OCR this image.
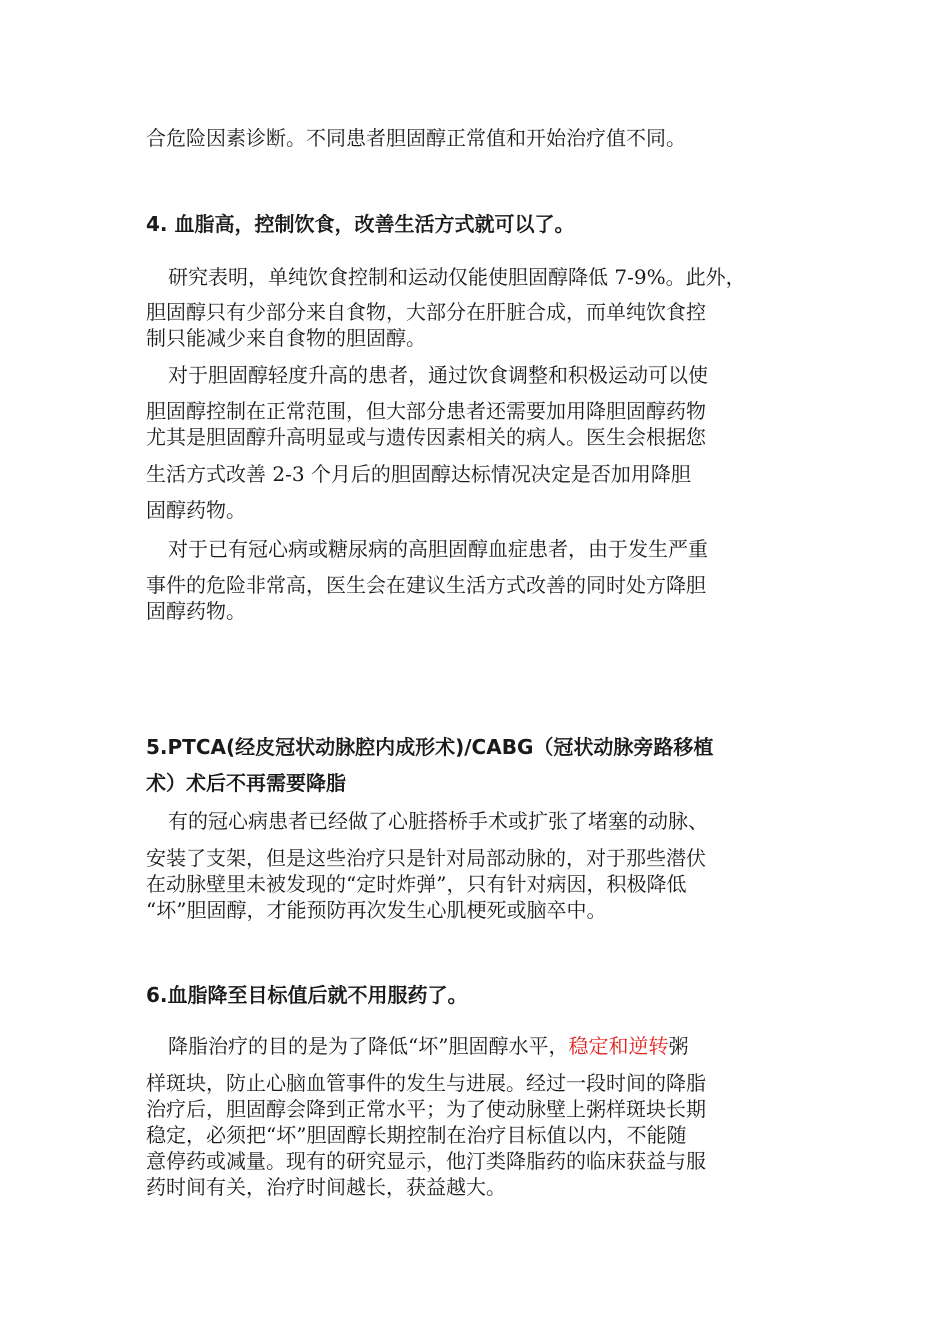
合危险因素诊断。不同患者胆固醇正常值和开始治疗值不同。
4. 血脂高，控制饮食，改善生活方式就可以了。
研究表明，单纯饮食控制和运动仅能使胆固醇降低 7-9%。此外，
胆固醇只有少部分来自食物，大部分在肝脏合成，而单纯饮食控
制只能减少来自食物的胆固醇。
对于胆固醇轻度升高的患者，通过饮食调整和积极运动可以使
胆固醇控制在正常范围，但大部分患者还需要加用降胆固醇药物
尤其是胆固醇升高明显或与遗传因素相关的病人。医生会根据您
生活方式改善 2-3 个月后的胆固醇达标情况决定是否加用降胆
固醇药物。
对于已有冠心病或糖尿病的高胆固醇血症患者，由于发生严重
事件的危险非常高，医生会在建议生活方式改善的同时处方降胆
固醇药物。
5.PTCA(经皮冠状动脉腔内成形术)/CABG（冠状动脉旁路移植
术）术后不再需要降脂
有的冠心病患者已经做了心脏搭桥手术或扩张了堵塞的动脉、
安装了支架，但是这些治疗只是针对局部动脉的，对于那些潜伏
在动脉壁里未被发现的“定时炸弹”，只有针对病因，积极降低
“坏”胆固醇，才能预防再次发生心肌梗死或脑卒中。
6.血脂降至目标值后就不用服药了。
降脂治疗的目的是为了降低“坏”胆固醇水平，稳定和逆转粥
样斑块，防止心脑血管事件的发生与进展。经过一段时间的降脂
治疗后，胆固醇会降到正常水平；为了使动脉壁上粥样斑块长期
稳定，必须把“坏”胆固醇长期控制在治疗目标值以内，不能随
意停药或减量。现有的研究显示，他汀类降脂药的临床获益与服
药时间有关，治疗时间越长，获益越大。
